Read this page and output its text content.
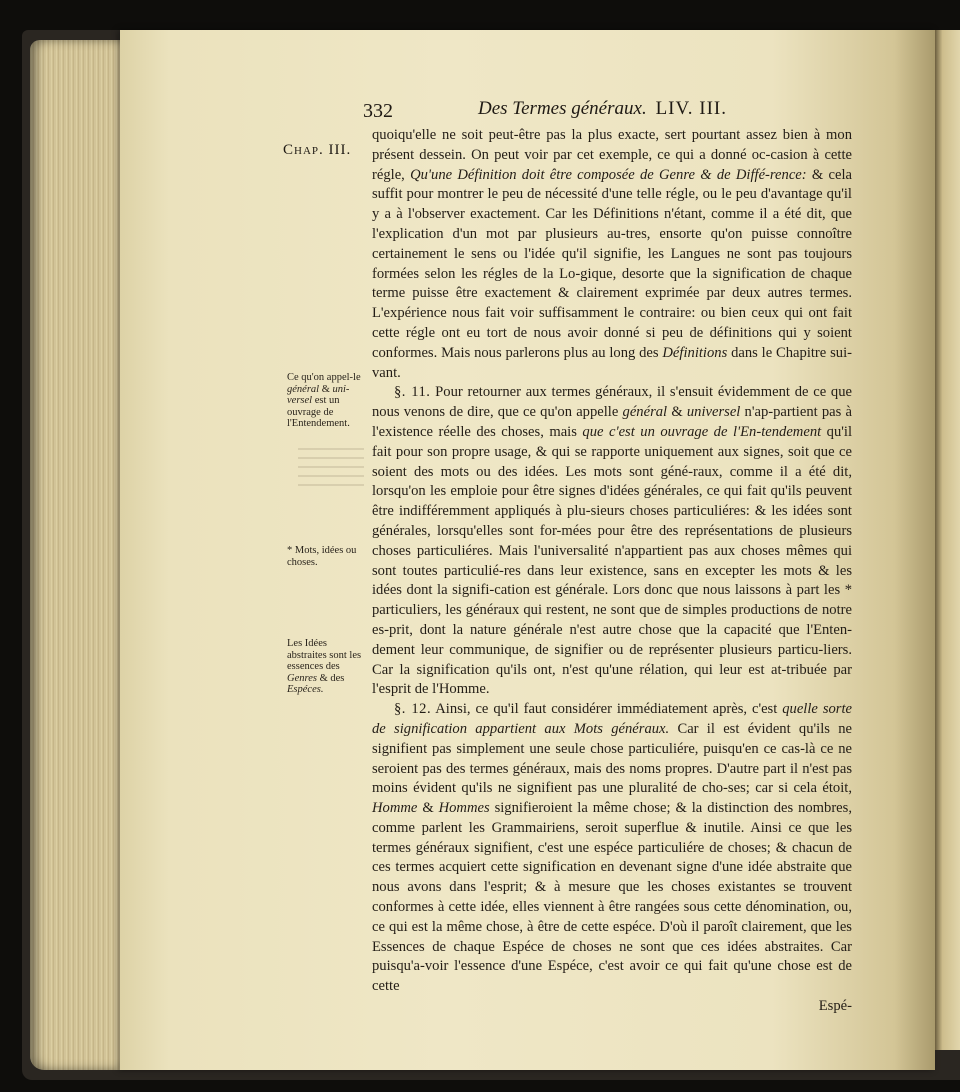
332	Des Termes généraux. LIV. III.
Chap. III.
Ce qu'on appel-le général & uni-versel est un ouvrage de l'Entendement.
* Mots, idées ou choses.
Les Idées abstraites sont les essences des Genres & des Espéces.

quoiqu'elle ne soit peut-être pas la plus exacte, sert pourtant assez bien à mon présent dessein. On peut voir par cet exemple, ce qui a donné oc-casion à cette régle, Qu'une Définition doit être composée de Genre & de Diffé-rence: & cela suffit pour montrer le peu de nécessité d'une telle régle, ou le peu d'avantage qu'il y a à l'observer exactement. Car les Définitions n'étant, comme il a été dit, que l'explication d'un mot par plusieurs au-tres, ensorte qu'on puisse connoître certainement le sens ou l'idée qu'il signifie, les Langues ne sont pas toujours formées selon les régles de la Lo-gique, desorte que la signification de chaque terme puisse être exactement & clairement exprimée par deux autres termes. L'expérience nous fait voir suffisamment le contraire: ou bien ceux qui ont fait cette régle ont eu tort de nous avoir donné si peu de définitions qui y soient conformes. Mais nous parlerons plus au long des Définitions dans le Chapitre sui-vant.

§. 11. Pour retourner aux termes généraux, il s'ensuit évidemment de ce que nous venons de dire, que ce qu'on appelle général & universel n'ap-partient pas à l'existence réelle des choses, mais que c'est un ouvrage de l'En-tendement qu'il fait pour son propre usage, & qui se rapporte uniquement aux signes, soit que ce soient des mots ou des idées. Les mots sont géné-raux, comme il a été dit, lorsqu'on les emploie pour être signes d'idées générales, ce qui fait qu'ils peuvent être indifféremment appliqués à plu-sieurs choses particuliéres: & les idées sont générales, lorsqu'elles sont for-mées pour être des représentations de plusieurs choses particuliéres. Mais l'universalité n'appartient pas aux choses mêmes qui sont toutes particulié-res dans leur existence, sans en excepter les mots & les idées dont la signifi-cation est générale. Lors donc que nous laissons à part les * particuliers, les généraux qui restent, ne sont que de simples productions de notre es-prit, dont la nature générale n'est autre chose que la capacité que l'Enten-dement leur communique, de signifier ou de représenter plusieurs particu-liers. Car la signification qu'ils ont, n'est qu'une rélation, qui leur est at-tribuée par l'esprit de l'Homme.

§. 12. Ainsi, ce qu'il faut considérer immédiatement après, c'est quelle sorte de signification appartient aux Mots généraux. Car il est évident qu'ils ne signifient pas simplement une seule chose particuliére, puisqu'en ce cas-là ce ne seroient pas des termes généraux, mais des noms propres. D'autre part il n'est pas moins évident qu'ils ne signifient pas une pluralité de cho-ses; car si cela étoit, Homme & Hommes signifieroient la même chose; & la distinction des nombres, comme parlent les Grammairiens, seroit superflue & inutile. Ainsi ce que les termes généraux signifient, c'est une espéce particuliére de choses; & chacun de ces termes acquiert cette signification en devenant signe d'une idée abstraite que nous avons dans l'esprit; & à mesure que les choses existantes se trouvent conformes à cette idée, elles viennent à être rangées sous cette dénomination, ou, ce qui est la même chose, à être de cette espéce. D'où il paroît clairement, que les Essences de chaque Espéce de choses ne sont que ces idées abstraites. Car puisqu'a-voir l'essence d'une Espéce, c'est avoir ce qui fait qu'une chose est de cette

Espé-
